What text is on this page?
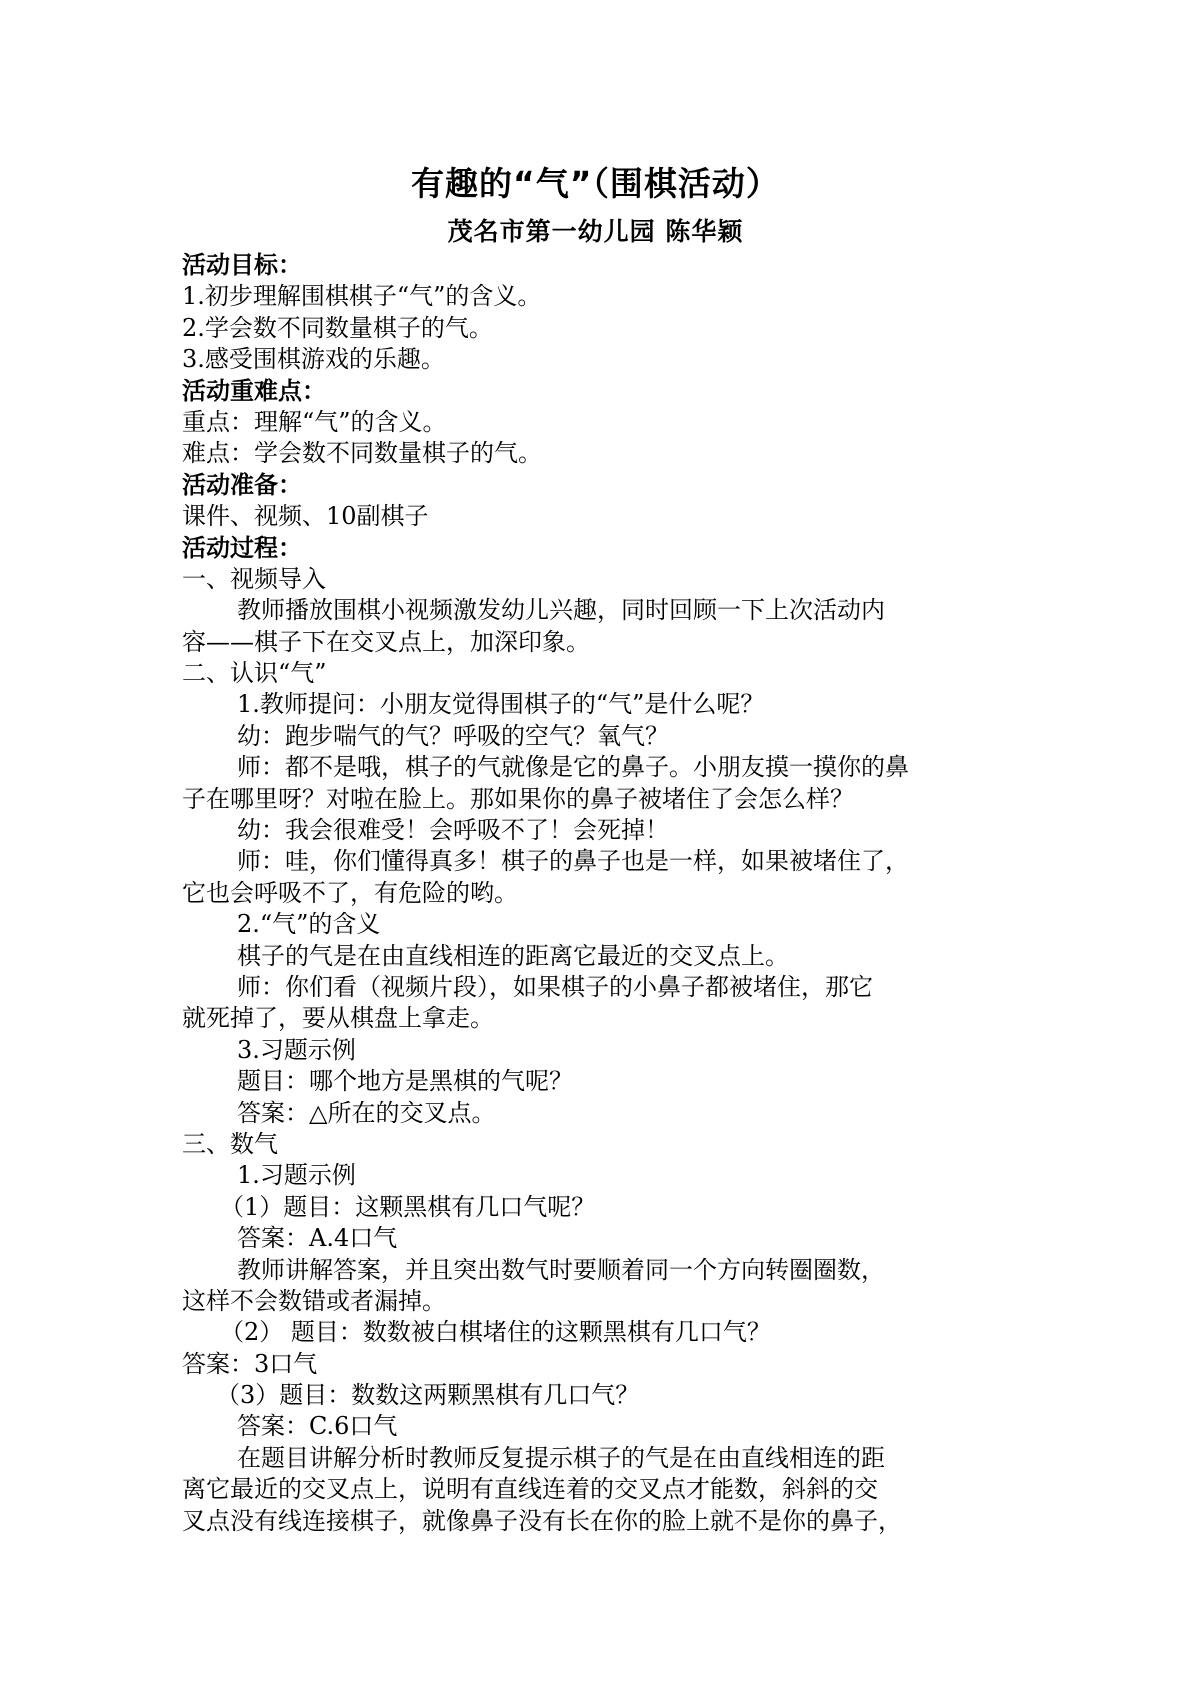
有趣的“气”（围棋活动）
茂名市第一幼儿园 陈华颖
活动目标：
1.初步理解围棋棋子“气”的含义。
2.学会数不同数量棋子的气。
3.感受围棋游戏的乐趣。
活动重难点：
重点：理解“气”的含义。
难点：学会数不同数量棋子的气。
活动准备：
课件、视频、10副棋子
活动过程：
一、视频导入
教师播放围棋小视频激发幼儿兴趣，同时回顾一下上次活动内
容——棋子下在交叉点上，加深印象。
二、认识“气”
1.教师提问：小朋友觉得围棋子的“气”是什么呢？
幼：跑步喘气的气？呼吸的空气？氧气？
师：都不是哦，棋子的气就像是它的鼻子。小朋友摸一摸你的鼻
子在哪里呀？对啦在脸上。那如果你的鼻子被堵住了会怎么样？
幼：我会很难受！会呼吸不了！会死掉！
师：哇，你们懂得真多！棋子的鼻子也是一样，如果被堵住了，
它也会呼吸不了，有危险的哟。
2.“气”的含义
棋子的气是在由直线相连的距离它最近的交叉点上。
师：你们看（视频片段），如果棋子的小鼻子都被堵住，那它
就死掉了，要从棋盘上拿走。
3.习题示例
题目：哪个地方是黑棋的气呢？
答案：△所在的交叉点。
三、数气
1.习题示例
（1）题目：这颗黑棋有几口气呢？
答案：A.4口气
教师讲解答案，并且突出数气时要顺着同一个方向转圈圈数，
这样不会数错或者漏掉。
（2） 题目：数数被白棋堵住的这颗黑棋有几口气？
答案：3口气
（3）题目：数数这两颗黑棋有几口气？
答案：C.6口气
在题目讲解分析时教师反复提示棋子的气是在由直线相连的距
离它最近的交叉点上，说明有直线连着的交叉点才能数，斜斜的交
叉点没有线连接棋子，就像鼻子没有长在你的脸上就不是你的鼻子，
